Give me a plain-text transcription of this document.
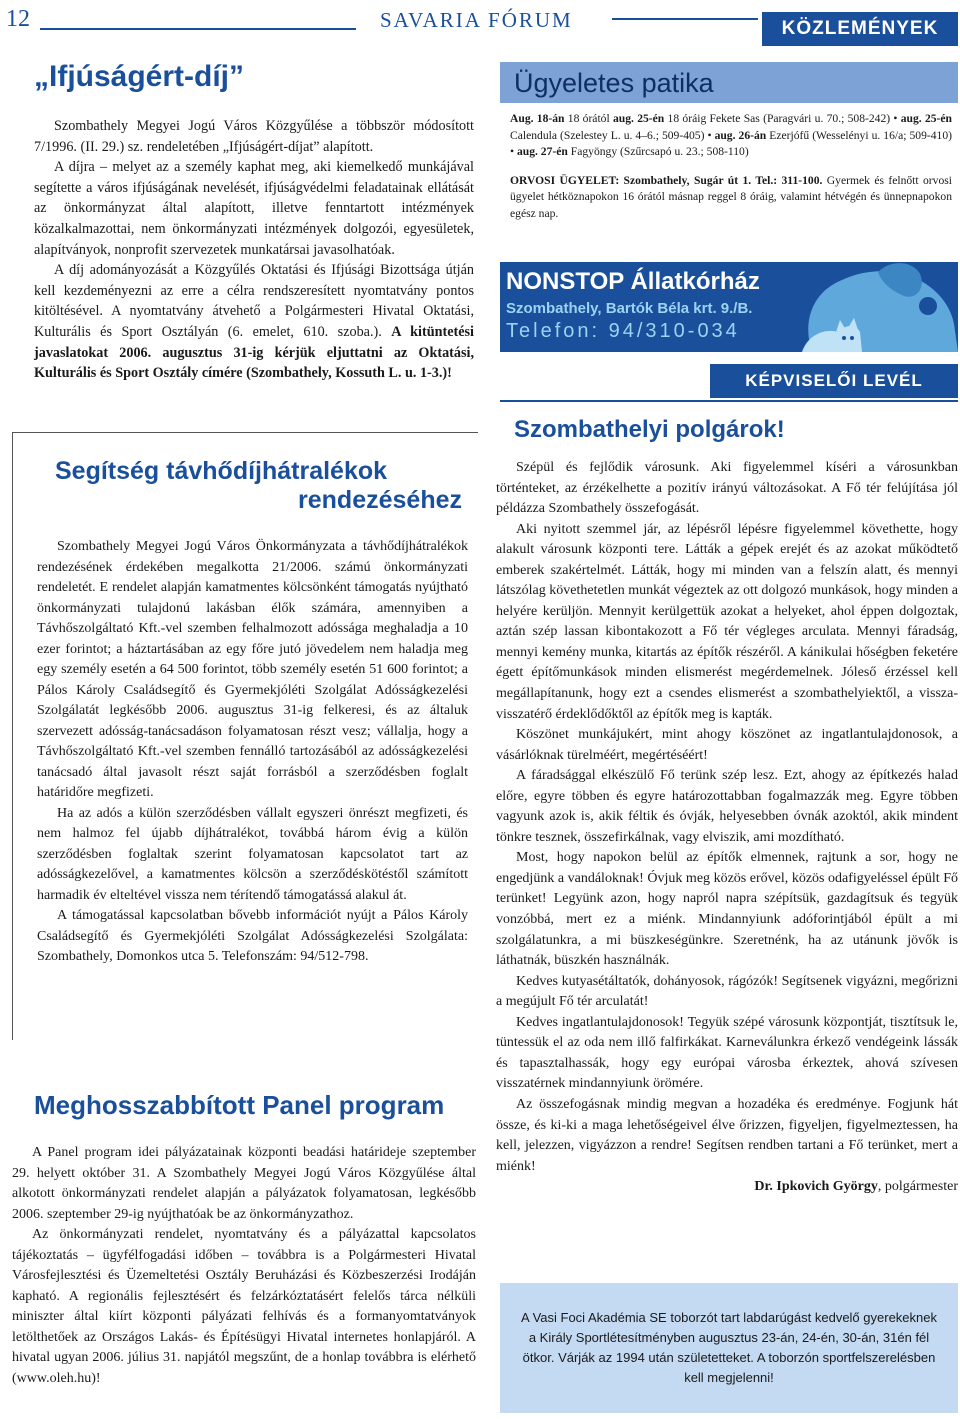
12	SAVARIA FÓRUM	KÖZLEMÉNYEK
„Ifjúságért-díj”

Szombathely Megyei Jogú Város Közgyűlése a többször módosított 7/1996. (II. 29.) sz. rendeletében „Ifjúságért-díjat” alapított.

A díjra – melyet az a személy kaphat meg, aki kiemelkedő munkájával segítette a város ifjúságának nevelését, ifjúságvédelmi feladatainak ellátását az önkormányzat által alapított, illetve fenntartott intézmények közalkalmazottai, nem önkormányzati intézmények dolgozói, egyesületek, alapítványok, nonprofit szervezetek munkatársai javasolhatóak.

A díj adományozását a Közgyűlés Oktatási és Ifjúsági Bizottsága útján kell kezdeményezni az erre a célra rendszeresített nyomtatvány pontos kitöltésével. A nyomtatvány átvehető a Polgármesteri Hivatal Oktatási, Kulturális és Sport Osztályán (6. emelet, 610. szoba.). A kitüntetési javaslatokat 2006. augusztus 31-ig kérjük eljuttatni az Oktatási, Kulturális és Sport Osztály címére (Szombathely, Kossuth L. u. 1-3.)!

Segítség távhődíjhátralékok
rendezéséhez

Szombathely Megyei Jogú Város Önkormányzata a távhődíjhátralékok rendezésének érdekében megalkotta 21/2006. számú önkormányzati rendeletét. E rendelet alapján kamatmentes kölcsönként támogatás nyújtható önkormányzati tulajdonú lakásban élők számára, amennyiben a Távhőszolgáltató Kft.-vel szemben felhalmozott adóssága meghaladja a 10 ezer forintot; a háztartásában az egy főre jutó jövedelem nem haladja meg egy személy esetén a 64 500 forintot, több személy esetén 51 600 forintot; a Pálos Károly Családsegítő és Gyermekjóléti Szolgálat Adósságkezelési Szolgálatát legkésőbb 2006. augusztus 31-ig felkeresi, és az általuk szervezett adósság-tanácsadáson folyamatosan részt vesz; vállalja, hogy a Távhőszolgáltató Kft.-vel szemben fennálló tartozásából az adósságkezelési tanácsadó által javasolt részt saját forrásból a szerződésben foglalt határidőre megfizeti.

Ha az adós a külön szerződésben vállalt egyszeri önrészt megfizeti, és nem halmoz fel újabb díjhátralékot, továbbá három évig a külön szerződésben foglaltak szerint folyamatosan kapcsolatot tart az adósságkezelővel, a kamatmentes kölcsön a szerződéskötéstől számított harmadik év elteltével vissza nem térítendő támogatássá alakul át.

A támogatással kapcsolatban bővebb információt nyújt a Pálos Károly Családsegítő és Gyermekjóléti Szolgálat Adósságkezelési Szolgálata: Szombathely, Domonkos utca 5. Telefonszám: 94/512-798.

Meghosszabbított Panel program

A Panel program idei pályázatainak központi beadási határideje szeptember 29. helyett október 31. A Szombathely Megyei Jogú Város Közgyűlése által alkotott önkormányzati rendelet alapján a pályázatok folyamatosan, legkésőbb 2006. szeptember 29-ig nyújthatóak be az önkormányzathoz.

Az önkormányzati rendelet, nyomtatvány és a pályázattal kapcsolatos tájékoztatás – ügyfélfogadási időben – továbbra is a Polgármesteri Hivatal Városfejlesztési és Üzemeltetési Osztály Beruházási és Közbeszerzési Irodáján kapható. A regionális fejlesztésért és felzárkóztatásért felelős tárca nélküli miniszter által kiírt központi pályázati felhívás és a formanyomtatványok letölthetőek az Országos Lakás- és Építésügyi Hivatal internetes honlapjáról. A hivatal ugyan 2006. július 31. napjától megszűnt, de a honlap továbbra is elérhető (www.oleh.hu)!

Ügyeletes patika

Aug. 18-án 18 órától aug. 25-én 18 óráig Fekete Sas (Paragvári u. 70.; 508-242) • aug. 25-én Calendula (Szelestey L. u. 4–6.; 509-405) • aug. 26-án Ezerjófű (Wesselényi u. 16/a; 509-410) • aug. 27-én Fagyöngy (Szűrcsapó u. 23.; 508-110)

ORVOSI ÜGYELET: Szombathely, Sugár út 1. Tel.: 311-100. Gyermek és felnőtt orvosi ügyelet hétköznapokon 16 órától másnap reggel 8 óráig, valamint hétvégén és ünnepnapokon egész nap.

NONSTOP Állatkórház
Szombathely, Bartók Béla krt. 9./B.
Telefon: 94/310-034
KÉPVISELŐI LEVÉL
Szombathelyi polgárok!

Szépül és fejlődik városunk. Aki figyelemmel kíséri a városunkban történteket, az érzékelhette a pozitív irányú változásokat. A Fő tér felújítása jól példázza Szombathely összefogását.

Aki nyitott szemmel jár, az lépésről lépésre figyelemmel követhette, hogy alakult városunk központi tere. Látták a gépek erejét és az azokat működtető emberek szakértelmét. Látták, hogy mi minden van a felszín alatt, és mennyi látszólag követhetetlen munkát végeztek az ott dolgozó munkások, hogy minden a helyére kerüljön. Mennyit kerülgettük azokat a helyeket, ahol éppen dolgoztak, aztán szép lassan kibontakozott a Fő tér végleges arculata. Mennyi fáradság, mennyi kemény munka, kitartás az építők részéről. A kánikulai hőségben feketére égett építőmunkások minden elismerést megérdemelnek. Jóleső érzéssel kell megállapítanunk, hogy ezt a csendes elismerést a szombathelyiektől, a vissza-visszatérő érdeklődőktől az építők meg is kapták.

Köszönet munkájukért, mint ahogy köszönet az ingatlantulajdonosok, a vásárlóknak türelméért, megértéséért!

A fáradsággal elkészülő Fő terünk szép lesz. Ezt, ahogy az építkezés halad előre, egyre többen és egyre határozottabban fogalmazzák meg. Egyre többen vagyunk azok is, akik féltik és óvják, helyesebben óvnák azoktól, akik mindent tönkre tesznek, összefirkálnak, vagy elviszik, ami mozdítható.

Most, hogy napokon belül az építők elmennek, rajtunk a sor, hogy ne engedjünk a vandáloknak! Óvjuk meg közös erővel, közös odafigyeléssel épült Fő terünket! Legyünk azon, hogy napról napra szépítsük, gazdagítsuk és tegyük vonzóbbá, mert ez a miénk. Mindannyiunk adóforintjából épült a mi szolgálatunkra, a mi büszkeségünkre. Szeretnénk, ha az utánunk jövők is láthatnák, büszkén használnák.

Kedves kutyasétáltatók, dohányosok, rágózók! Segítsenek vigyázni, megőrizni a megújult Fő tér arculatát!

Kedves ingatlantulajdonosok! Tegyük szépé városunk központját, tisztítsuk le, tüntessük el az oda nem illő falfirkákat. Karneválunkra érkező vendégeink lássák és tapasztalhassák, hogy egy európai városba érkeztek, ahová szívesen visszatérnek mindannyiunk örömére.

Az összefogásnak mindig megvan a hozadéka és eredménye. Fogjunk hát össze, és ki-ki a maga lehetőségeivel élve őrizzen, figyeljen, figyelmeztessen, ha kell, jelezzen, vigyázzon a rendre! Segítsen rendben tartani a Fő terünket, mert a miénk!

Dr. Ipkovich György, polgármester

A Vasi Foci Akadémia SE toborzót tart labdarúgást kedvelő gyerekeknek a Király Sportlétesítményben augusztus 23-án, 24-én, 30-án, 31én fél ötkor. Várják az 1994 után születetteket. A toborzón sportfelszerelésben kell megjelenni!
